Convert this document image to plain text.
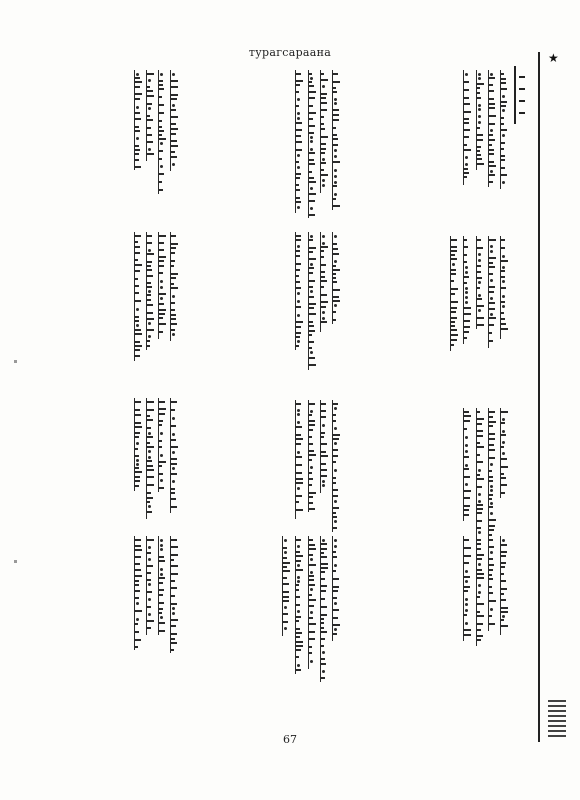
турагсараана	★
67
